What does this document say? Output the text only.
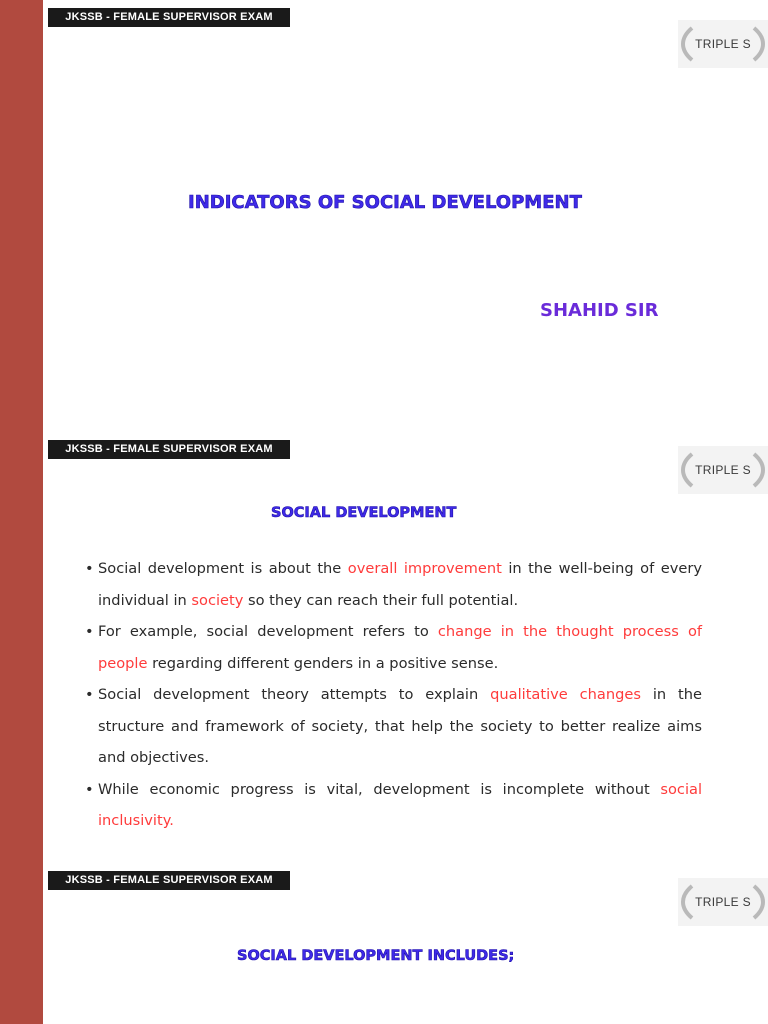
JKSSB - FEMALE SUPERVISOR EXAM
TRIPLE S
INDICATORS OF SOCIAL DEVELOPMENT
SHAHID SIR
JKSSB - FEMALE SUPERVISOR EXAM
TRIPLE S
SOCIAL DEVELOPMENT
• Social development is about the overall improvement in the well-being of every individual in society so they can reach their full potential.
• For example, social development refers to change in the thought process of people regarding different genders in a positive sense.
• Social development theory attempts to explain qualitative changes in the structure and framework of society, that help the society to better realize aims and objectives.
• While economic progress is vital, development is incomplete without social inclusivity.
JKSSB - FEMALE SUPERVISOR EXAM
TRIPLE S
SOCIAL DEVELOPMENT INCLUDES;
